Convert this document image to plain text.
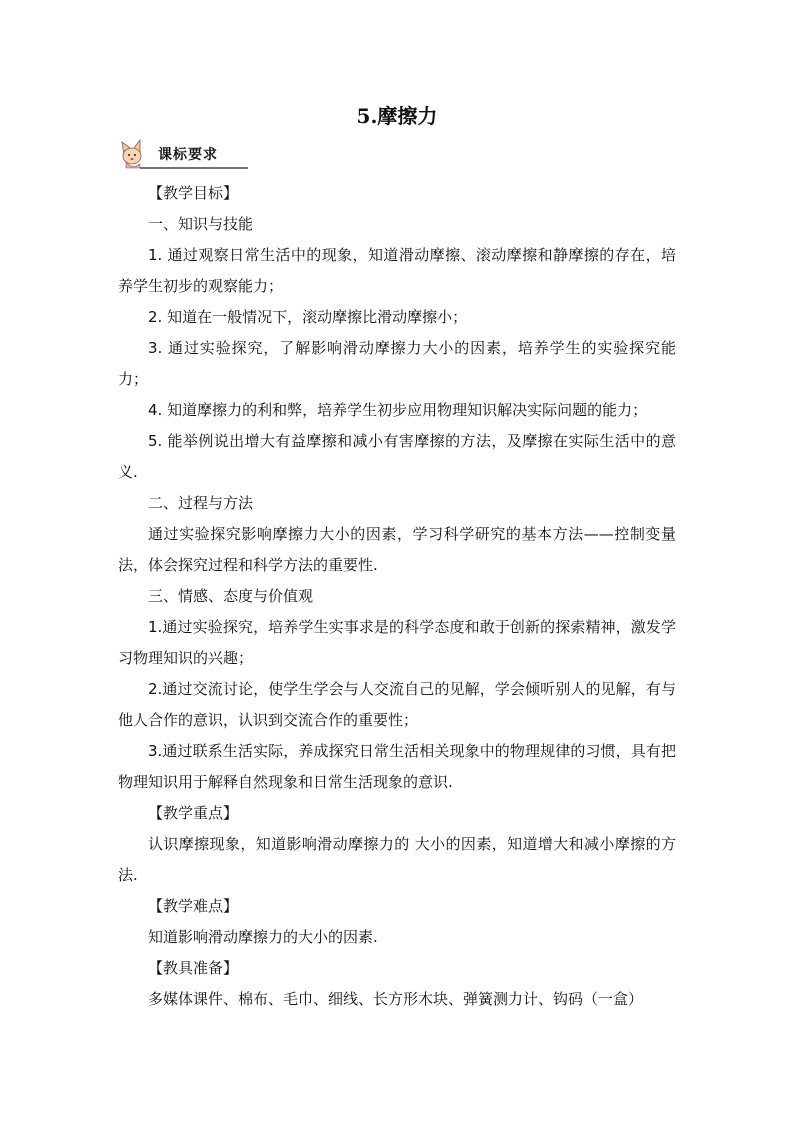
5.摩擦力
课标要求

【教学目标】

一、知识与技能

1. 通过观察日常生活中的现象，知道滑动摩擦、滚动摩擦和静摩擦的存在，培养学生初步的观察能力；

2. 知道在一般情况下，滚动摩擦比滑动摩擦小；

3. 通过实验探究，了解影响滑动摩擦力大小的因素，培养学生的实验探究能力；

4. 知道摩擦力的利和弊，培养学生初步应用物理知识解决实际问题的能力；

5. 能举例说出增大有益摩擦和减小有害摩擦的方法，及摩擦在实际生活中的意义.

二、过程与方法

通过实验探究影响摩擦力大小的因素，学习科学研究的基本方法——控制变量法，体会探究过程和科学方法的重要性.

三、情感、态度与价值观

1.通过实验探究，培养学生实事求是的科学态度和敢于创新的探索精神，激发学习物理知识的兴趣；

2.通过交流讨论，使学生学会与人交流自己的见解，学会倾听别人的见解，有与他人合作的意识，认识到交流合作的重要性；

3.通过联系生活实际，养成探究日常生活相关现象中的物理规律的习惯，具有把物理知识用于解释自然现象和日常生活现象的意识.

【教学重点】

认识摩擦现象，知道影响滑动摩擦力的 大小的因素，知道增大和减小摩擦的方法.

【教学难点】

知道影响滑动摩擦力的大小的因素.

【教具准备】

多媒体课件、棉布、毛巾、细线、长方形木块、弹簧测力计、钩码（一盒）
